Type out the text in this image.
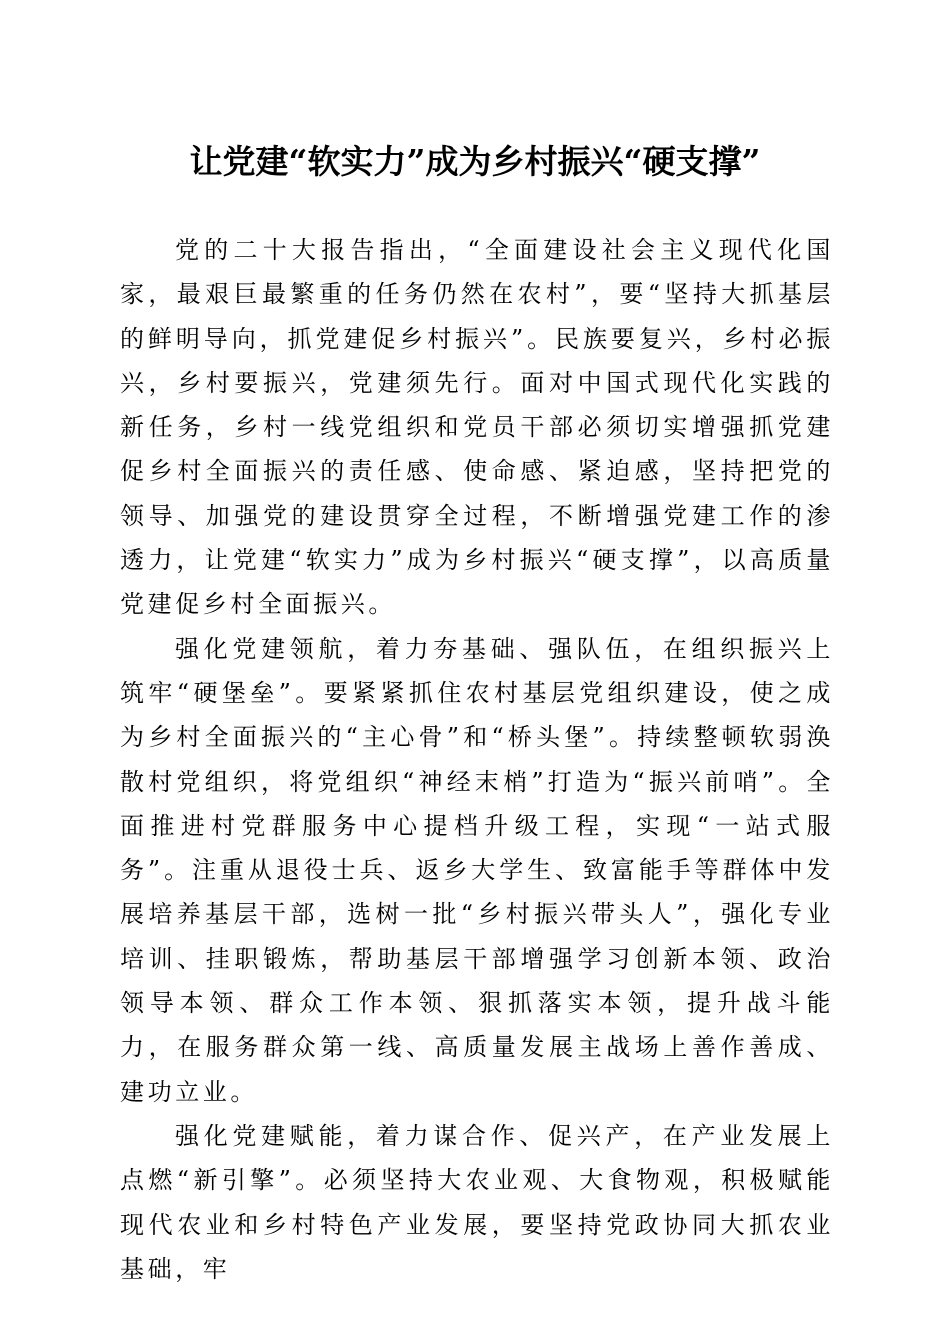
让党建“软实力”成为乡村振兴“硬支撑”

党的二十大报告指出，“全面建设社会主义现代化国家，最艰巨最繁重的任务仍然在农村”，要“坚持大抓基层的鲜明导向，抓党建促乡村振兴”。民族要复兴，乡村必振兴，乡村要振兴，党建须先行。面对中国式现代化实践的新任务，乡村一线党组织和党员干部必须切实增强抓党建促乡村全面振兴的责任感、使命感、紧迫感，坚持把党的领导、加强党的建设贯穿全过程，不断增强党建工作的渗透力，让党建“软实力”成为乡村振兴“硬支撑”，以高质量党建促乡村全面振兴。

强化党建领航，着力夯基础、强队伍，在组织振兴上筑牢“硬堡垒”。要紧紧抓住农村基层党组织建设，使之成为乡村全面振兴的“主心骨”和“桥头堡”。持续整顿软弱涣散村党组织，将党组织“神经末梢”打造为“振兴前哨”。全面推进村党群服务中心提档升级工程，实现“一站式服务”。注重从退役士兵、返乡大学生、致富能手等群体中发展培养基层干部，选树一批“乡村振兴带头人”，强化专业培训、挂职锻炼，帮助基层干部增强学习创新本领、政治领导本领、群众工作本领、狠抓落实本领，提升战斗能力，在服务群众第一线、高质量发展主战场上善作善成、建功立业。

强化党建赋能，着力谋合作、促兴产，在产业发展上点燃“新引擎”。必须坚持大农业观、大食物观，积极赋能现代农业和乡村特色产业发展，要坚持党政协同大抓农业基础，牢
